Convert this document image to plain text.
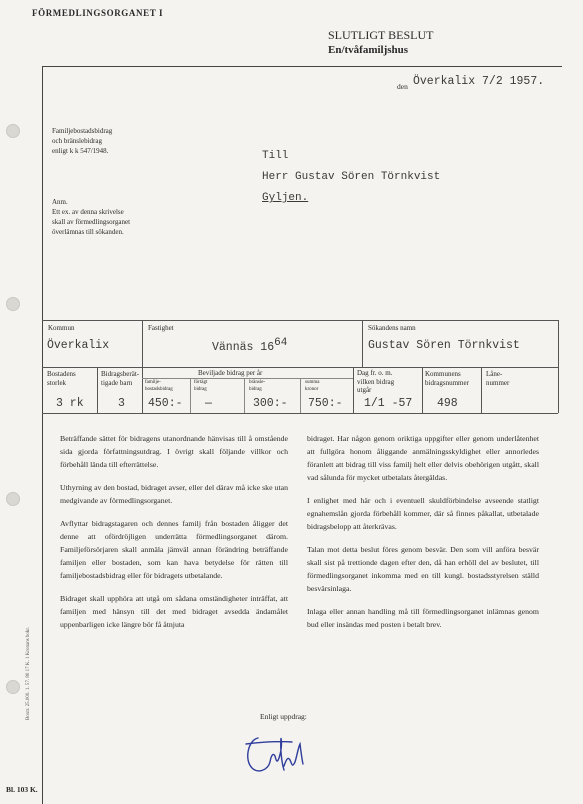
FÖRMEDLINGSORGANET I
SLUTLIGT BESLUT
En/tvåfamiljshus
den Överkalix 7/2 1957.
Familjebostadsbidrag
och bränslebidrag
enligt k k 547/1948.
Anm.
Ett ex. av denna skrivelse
skall av förmedlingsorganet
överlämnas till sökanden.
Till
Herr Gustav Sören Törnkvist
Gyljen.
Kommun
Överkalix
Fastighet
Vännäs $16^{64}$
Sökandens namn
Gustav Sören Törnkvist
Bostadens
storlek
Bidragsberät-
tigade barn
Beviljade bidrag per år
familje-
bostadsbidrag
förtägt
bidrag
bränsle-
bidrag
summa
kronor
Dag fr. o. m.
vilken bidrag
utgår
Kommunens
bidragsnummer
Låne-
nummer
3 rk	3 450:- —	300:- 750:- 1/1 -57 498

Beträffande sättet för bidragens utanordnande hänvisas till å omstående sida gjorda författningsutdrag. I övrigt skall följande villkor och förbehåll lända till efterrättelse.

Uthyrning av den bostad, bidraget avser, eller del därav må icke ske utan medgivande av förmedlingsorganet.

Avflyttar bidragstagaren och dennes familj från bostaden åligger det denne att ofördröjligen underrätta förmedlingsorganet därom. Familjeförsörjaren skall anmäla jämväl annan förändring beträffande familjen eller bostaden, som kan hava betydelse för rätten till familjebostadsbidrag eller för bidragets utbetalande.

Bidraget skall upphöra att utgå om sådana omständigheter inträffat, att familjen med hänsyn till det med bidraget avsedda ändamålet uppenbarligen icke längre bör få åtnjuta

bidraget. Har någon genom oriktiga uppgifter eller genom underlåtenhet att fullgöra honom åliggande anmälningsskyldighet eller annorledes föranlett att bidrag till viss familj helt eller delvis obehörigen utgått, skall vad sålunda för mycket utbetalats återgäldas.

I enlighet med här och i eventuell skuldförbindelse avseende statligt egnahemslån gjorda förbehåll kommer, där så finnes påkallat, utbetalade bidragsbelopp att återkrävas.

Talan mot detta beslut föres genom besvär. Den som vill anföra besvär skall sist på trettionde dagen efter den, då han erhöll del av beslutet, till förmedlingsorganet inkomma med en till kungl. bostadsstyrelsen ställd besvärsinlaga.

Inlaga eller annan handling må till förmedlingsorganet inlämnas genom bud eller insändas med posten i betalt brev.

Enligt uppdrag:
Boxtr. 25.000. 1. 57. 80 17 K. 1 Kronans bokr.
Bl. 103 K.
